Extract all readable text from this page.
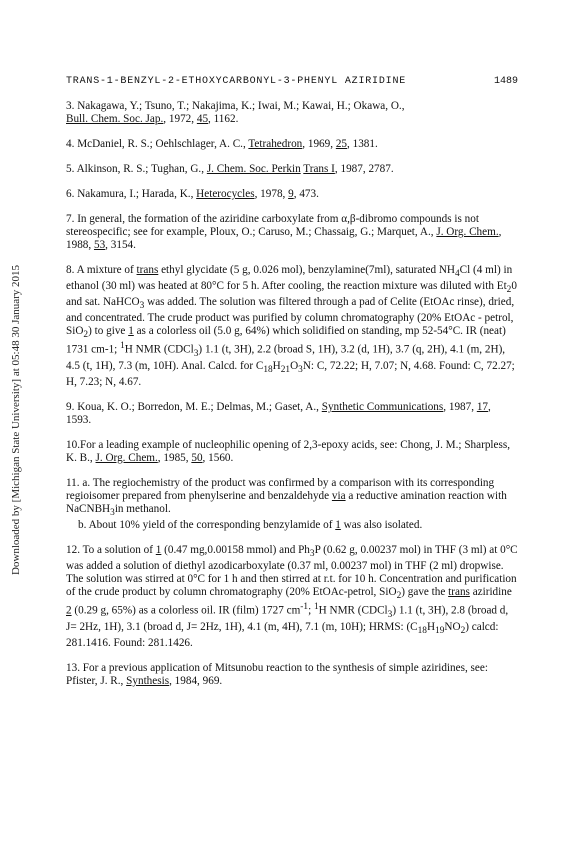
Downloaded by [Michigan State University] at 05:48 30 January 2015
TRANS-1-BENZYL-2-ETHOXYCARBONYL-3-PHENYL AZIRIDINE	1489

3. Nakagawa, Y.; Tsuno, T.; Nakajima, K.; Iwai, M.; Kawai, H.; Okawa, O.,
Bull. Chem. Soc. Jap., 1972, 45, 1162.

4. McDaniel, R. S.; Oehlschlager, A. C., Tetrahedron, 1969, 25, 1381.

5. Alkinson, R. S.; Tughan, G., J. Chem. Soc. Perkin Trans I, 1987, 2787.

6. Nakamura, I.; Harada, K., Heterocycles, 1978, 9, 473.

7. In general, the formation of the aziridine carboxylate from α,β-dibromo compounds is not stereospecific; see for example, Ploux, O.; Caruso, M.; Chassaig, G.; Marquet, A., J. Org. Chem., 1988, 53, 3154.

8. A mixture of trans ethyl glycidate (5 g, 0.026 mol), benzylamine(7ml), saturated $NH_4Cl$ (4 ml) in ethanol (30 ml) was heated at 80°C for 5 h. After cooling, the reaction mixture was diluted with $Et_20$ and sat. NaHCO$_3$ was added. The solution was filtered through a pad of Celite (EtOAc rinse), dried, and concentrated. The crude product was purified by column chromatography (20% EtOAc - petrol, SiO$_2$) to give 1 as a colorless oil (5.0 g, 64%) which solidified on standing, mp 52-54°C. IR (neat) 1731 cm-1; $^1$H NMR (CDCl$_3$) 1.1 (t, 3H), 2.2 (broad S, 1H), 3.2 (d, 1H), 3.7 (q, 2H), 4.1 (m, 2H), 4.5 (t, 1H), 7.3 (m, 10H). Anal. Calcd. for $C_{18}H_{21}O_3N$: C, 72.22; H, 7.07; N, 4.68. Found: C, 72.27; H, 7.23; N, 4.67.

9. Koua, K. O.; Borredon, M. E.; Delmas, M.; Gaset, A., Synthetic Communications, 1987, 17, 1593.

10.For a leading example of nucleophilic opening of 2,3-epoxy acids, see: Chong, J. M.; Sharpless, K. B., J. Org. Chem., 1985, 50, 1560.

11. a. The regiochemistry of the product was confirmed by a comparison with its corresponding regioisomer prepared from phenylserine and benzaldehyde via a reductive amination reaction with NaCNBH$_3$in methanol.

b. About 10% yield of the corresponding benzylamide of 1 was also isolated.

12. To a solution of 1 (0.47 mg,0.00158 mmol) and $Ph_3P$ (0.62 g, 0.00237 mol) in THF (3 ml) at 0°C was added a solution of diethyl azodicarboxylate (0.37 ml, 0.00237 mol) in THF (2 ml) dropwise. The solution was stirred at 0°C for 1 h and then stirred at r.t. for 10 h. Concentration and purification of the crude product by column chromatography (20% EtOAc-petrol, SiO$_2$) gave the trans aziridine 2 (0.29 g, 65%) as a colorless oil. IR (film) 1727 $cm^{-1}$; $^1$H NMR (CDCl$_3$) 1.1 (t, 3H), 2.8 (broad d, J= 2Hz, 1H), 3.1 (broad d, J= 2Hz, 1H), 4.1 (m, 4H), 7.1 (m, 10H); HRMS: $(C_{18}H_{19}NO_2)$ calcd: 281.1416. Found: 281.1426.

13. For a previous application of Mitsunobu reaction to the synthesis of simple aziridines, see: Pfister, J. R., Synthesis, 1984, 969.
